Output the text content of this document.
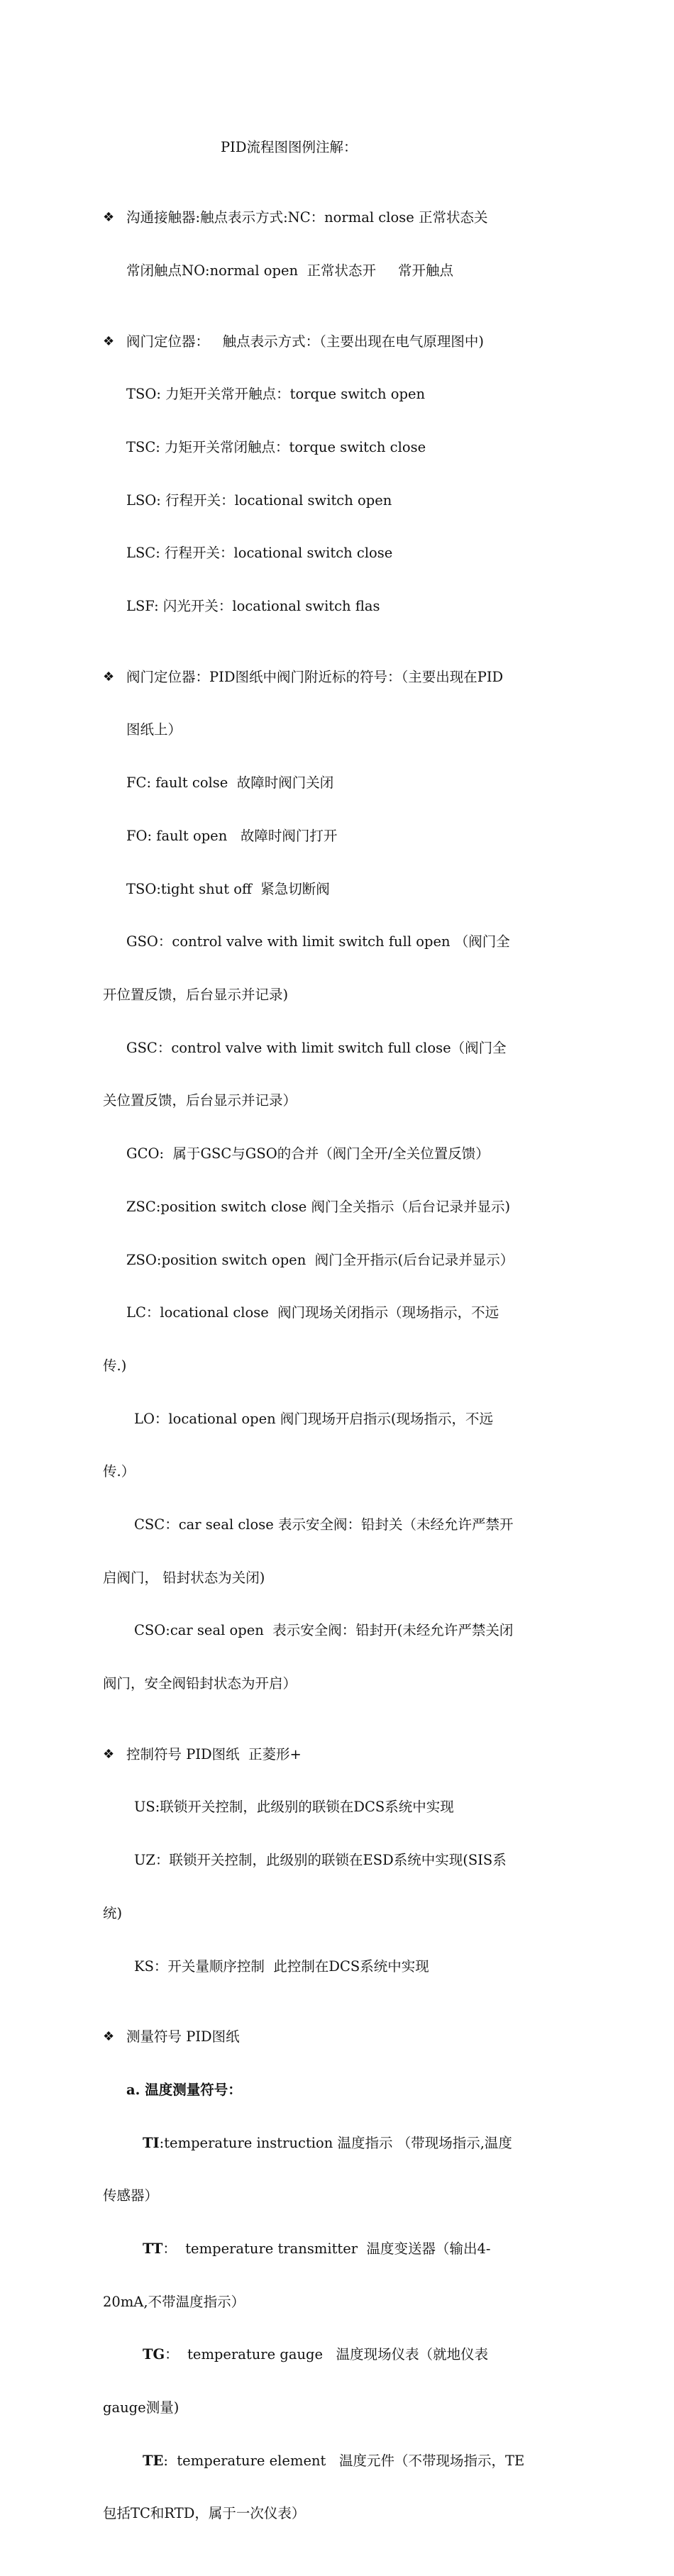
PID流程图图例注解：

❖ 沟通接触器:触点表示方式:NC：normal close 正常状态关

常闭触点NO:normal open  正常状态开     常开触点

❖ 阀门定位器：   触点表示方式：（主要出现在电气原理图中)

TSO: 力矩开关常开触点：torque switch open

TSC: 力矩开关常闭触点：torque switch close

LSO: 行程开关：locational switch open

LSC: 行程开关：locational switch close

LSF: 闪光开关：locational switch flas

❖ 阀门定位器：PID图纸中阀门附近标的符号：（主要出现在PID

图纸上）

FC: fault colse  故障时阀门关闭

FO: fault open   故障时阀门打开

TSO:tight shut off  紧急切断阀

GSO：control valve with limit switch full open （阀门全

开位置反馈，后台显示并记录)

GSC：control valve with limit switch full close（阀门全

关位置反馈，后台显示并记录）

GCO:  属于GSC与GSO的合并（阀门全开/全关位置反馈）

ZSC:position switch close 阀门全关指示（后台记录并显示)

ZSO:position switch open  阀门全开指示(后台记录并显示）

LC：locational close  阀门现场关闭指示（现场指示，不远

传.)

LO：locational open 阀门现场开启指示(现场指示，不远

传.）

CSC：car seal close 表示安全阀：铅封关（未经允许严禁开

启阀门， 铅封状态为关闭)

CSO:car seal open  表示安全阀：铅封开(未经允许严禁关闭

阀门，安全阀铅封状态为开启）

❖ 控制符号 PID图纸  正菱形+

US:联锁开关控制，此级别的联锁在DCS系统中实现

UZ：联锁开关控制，此级别的联锁在ESD系统中实现(SIS系

统)

KS：开关量顺序控制  此控制在DCS系统中实现

❖ 测量符号 PID图纸

a. 温度测量符号：

TI:temperature instruction 温度指示 （带现场指示,温度

传感器）

TT：  temperature transmitter  温度变送器（输出4-

20mA,不带温度指示）

TG：  temperature gauge   温度现场仪表（就地仪表

gauge测量)

TE:  temperature element   温度元件（不带现场指示，TE

包括TC和RTD，属于一次仪表）
